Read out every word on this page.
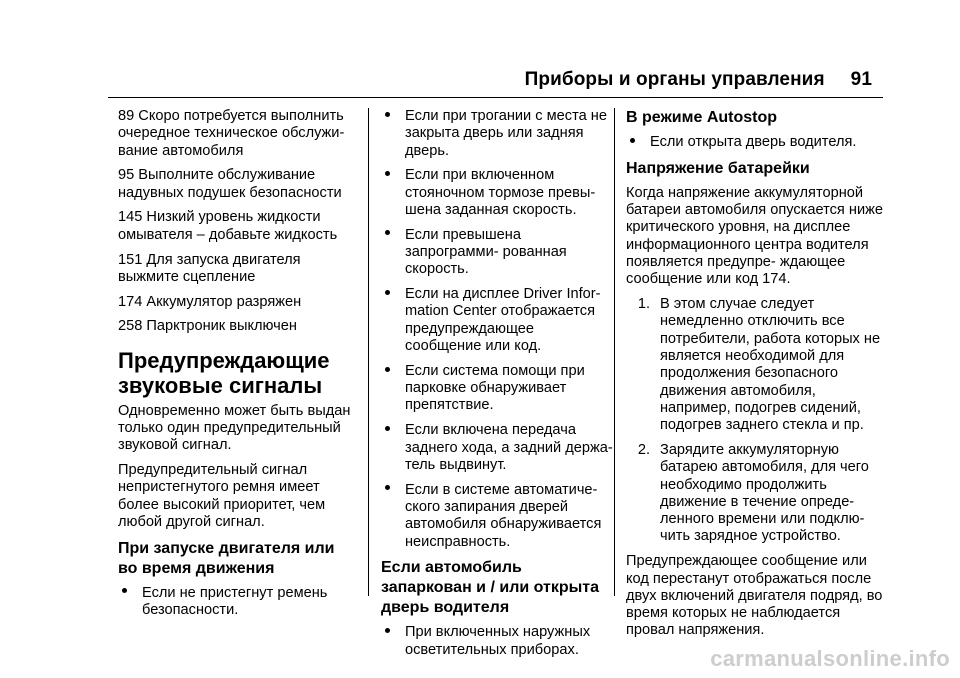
Приборы и органы управления 91

89 Скоро потребуется выполнить очередное техническое обслужи- вание автомобиля

95 Выполните обслуживание надувных подушек безопасности

145 Низкий уровень жидкости омывателя – добавьте жидкость

151 Для запуска двигателя выжмите сцепление

174 Аккумулятор разряжен

258 Парктроник выключен

Предупреждающие звуковые сигналы

Одновременно может быть выдан только один предупредительный звуковой сигнал.

Предупредительный сигнал непристегнутого ремня имеет более высокий приоритет, чем любой другой сигнал.

При запуске двигателя или во время движения
Если не пристегнут ремень безопасности.
Если при трогании с места не закрыта дверь или задняя дверь.
Если при включенном стояночном тормозе превы- шена заданная скорость.
Если превышена запрограмми- рованная скорость.
Если на дисплее Driver Infor- mation Center отображается предупреждающее сообщение или код.
Если система помощи при парковке обнаруживает препятствие.
Если включена передача заднего хода, а задний держа- тель выдвинут.
Если в системе автоматиче- ского запирания дверей автомобиля обнаруживается неисправность.
Если автомобиль запаркован и / или открыта дверь водителя
При включенных наружных осветительных приборах.
В режиме Autostop
Если открыта дверь водителя.
Напряжение батарейки

Когда напряжение аккумуляторной батареи автомобиля опускается ниже критического уровня, на дисплее информационного центра водителя появляется предупре- ждающее сообщение или код 174.

1. В этом случае следует немедленно отключить все потребители, работа которых не является необходимой для продолжения безопасного движения автомобиля, например, подогрев сидений, подогрев заднего стекла и пр.
2. Зарядите аккумуляторную батарею автомобиля, для чего необходимо продолжить движение в течение опреде- ленного времени или подклю- чить зарядное устройство.

Предупреждающее сообщение или код перестанут отображаться после двух включений двигателя подряд, во время которых не наблюдается провал напряжения.

carmanualsonline.info
